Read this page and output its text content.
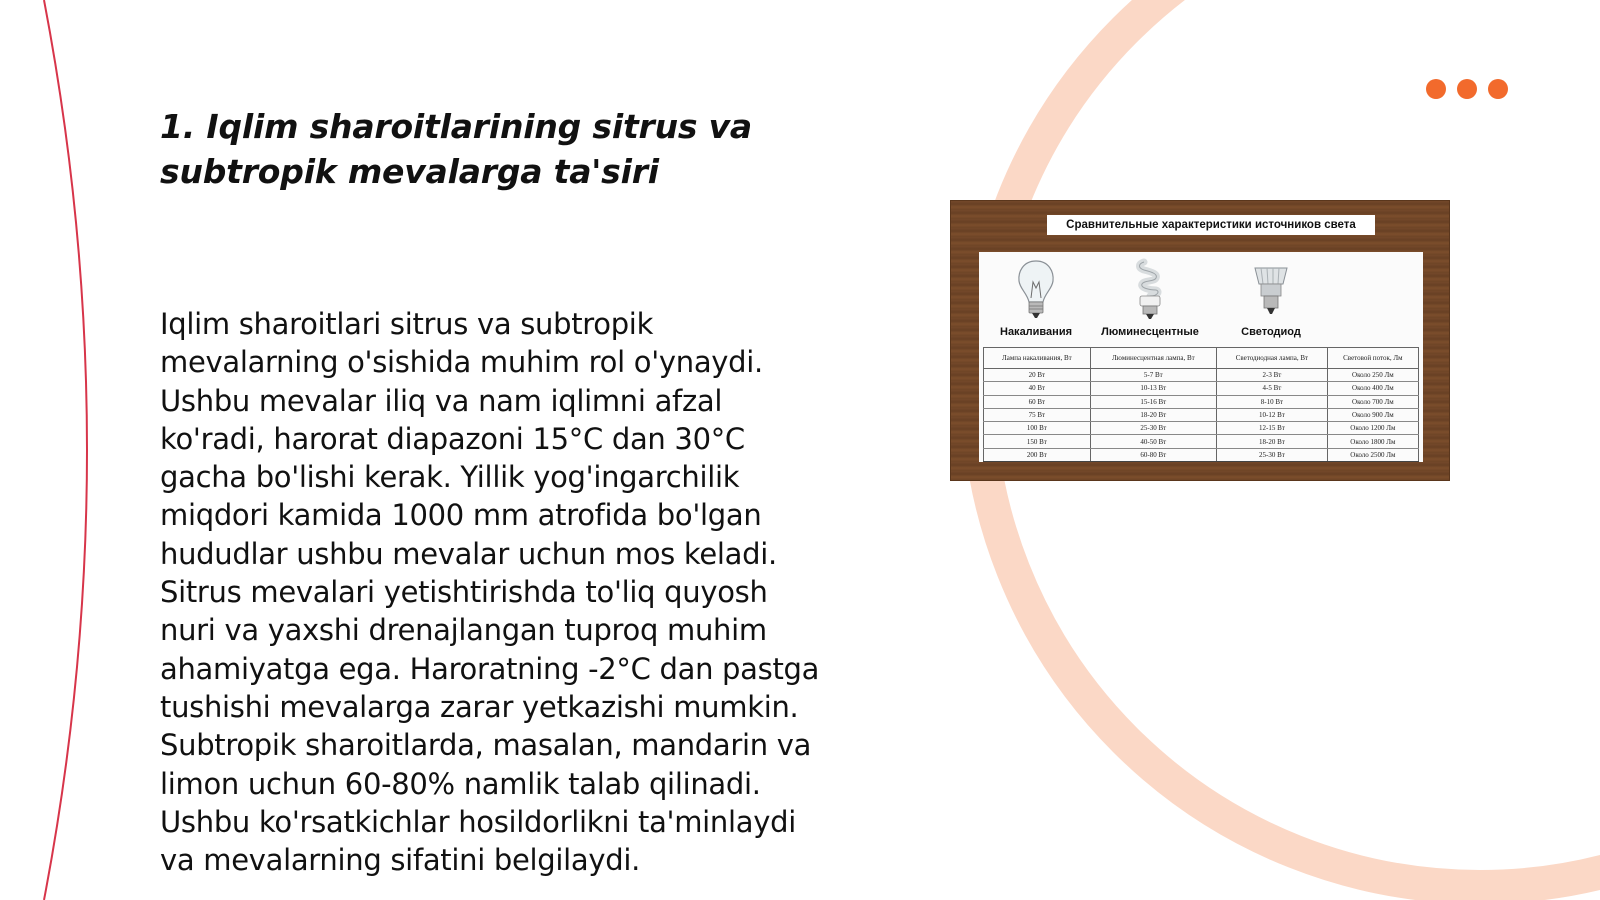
1. Iqlim sharoitlarining sitrus va subtropik mevalarga ta'siri

Iqlim sharoitlari sitrus va subtropik mevalarning o'sishida muhim rol o'ynaydi. Ushbu mevalar iliq va nam iqlimni afzal ko'radi, harorat diapazoni 15°C dan 30°C gacha bo'lishi kerak. Yillik yog'ingarchilik miqdori kamida 1000 mm atrofida bo'lgan hududlar ushbu mevalar uchun mos keladi. Sitrus mevalari yetishtirishda to'liq quyosh nuri va yaxshi drenajlangan tuproq muhim ahamiyatga ega. Haroratning -2°C dan pastga tushishi mevalarga zarar yetkazishi mumkin. Subtropik sharoitlarda, masalan, mandarin va limon uchun 60-80% namlik talab qilinadi. Ushbu ko'rsatkichlar hosildorlikni ta'minlaydi va mevalarning sifatini belgilaydi.

Сравнительные характеристики источников света
Накаливания	Люминесцентные	Светодиод
Лампа накаливания, Вт	Люминесцентная лампа, Вт	Светодиодная лампа, Вт	Световой поток, Лм
20 Вт	5-7 Вт	2-3 Вт	Около 250 Лм
40 Вт	10-13 Вт	4-5 Вт	Около 400 Лм
60 Вт	15-16 Вт	8-10 Вт	Около 700 Лм
75 Вт	18-20 Вт	10-12 Вт	Около 900 Лм
100 Вт	25-30 Вт	12-15 Вт	Около 1200 Лм
150 Вт	40-50 Вт	18-20 Вт	Около 1800 Лм
200 Вт	60-80 Вт	25-30 Вт	Около 2500 Лм
